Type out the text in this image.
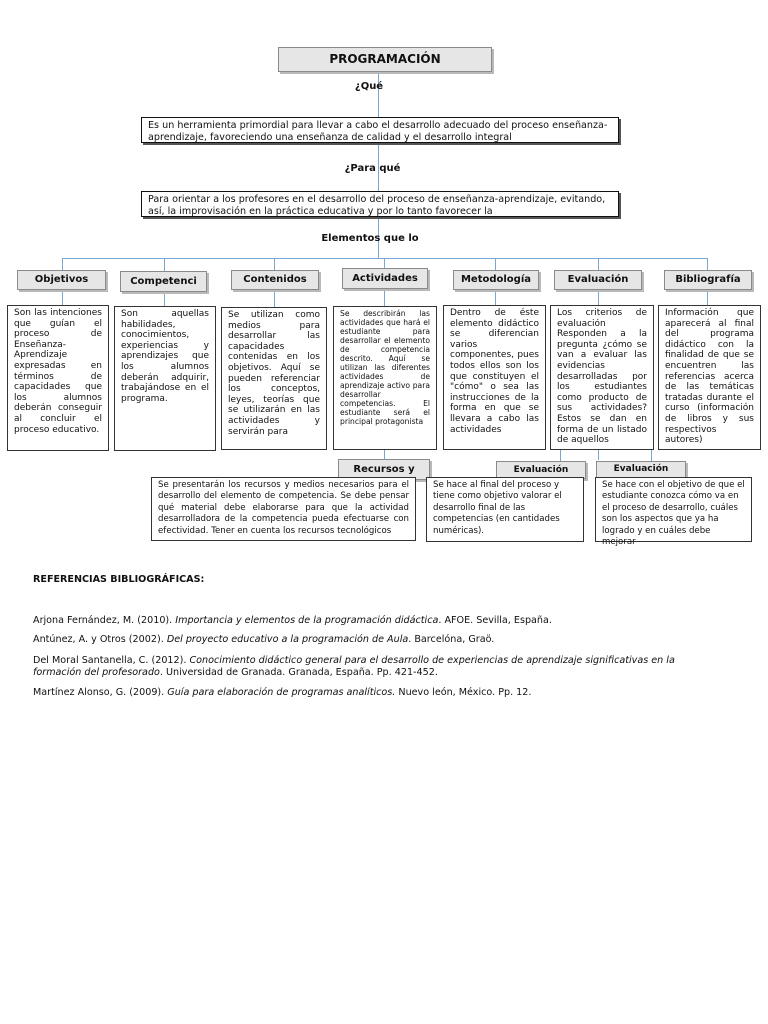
PROGRAMACIÓN
¿Qué
Es un herramienta primordial para llevar a cabo el desarrollo adecuado del proceso enseñanza-aprendizaje, favoreciendo una enseñanza de calidad y el desarrollo integral
¿Para qué
Para orientar a los profesores en el desarrollo del proceso de enseñanza-aprendizaje, evitando, así, la improvisación en la práctica educativa y por lo tanto favorecer la
Elementos que lo
Objetivos	Competenci	Contenidos	Actividades	Metodología	Evaluación	Bibliografía
Son las intenciones que guían el proceso de Enseñanza-Aprendizaje expresadas en términos de capacidades que los alumnos deberán conseguir al concluir el proceso educativo.
Son aquellas habilidades, conocimientos, experiencias y aprendizajes que los alumnos deberán adquirir, trabajándose en el programa.
Se utilizan como medios para desarrollar las capacidades contenidas en los objetivos. Aquí se pueden referenciar los conceptos, leyes, teorías que se utilizarán en las actividades y servirán para
Se describirán las actividades que hará el estudiante para desarrollar el elemento de competencia descrito. Aquí se utilizan las diferentes actividades de aprendizaje activo para desarrollar competencias. El estudiante será el principal protagonista
Dentro de éste elemento didáctico se diferencian varios componentes, pues todos ellos son los que constituyen el "cómo" o sea las instrucciones de la forma en que se llevara a cabo las actividades
Los criterios de evaluación Responden a la pregunta ¿cómo se van a evaluar las evidencias desarrolladas por los estudiantes como producto de sus actividades? Estos se dan en forma de un listado de aquellos
Información que aparecerá al final del programa didáctico con la finalidad de que se encuentren las referencias acerca de las temáticas tratadas durante el curso (información de libros y sus respectivos autores)
Recursos y	Evaluación	Evaluación
Se presentarán los recursos y medios necesarios para el desarrollo del elemento de competencia. Se debe pensar qué material debe elaborarse para que la actividad desarrolladora de la competencia pueda efectuarse con efectividad. Tener en cuenta los recursos tecnológicos
Se hace al final del proceso y tiene como objetivo valorar el desarrollo final de las competencias (en cantidades numéricas).
Se hace con el objetivo de que el estudiante conozca cómo va en el proceso de desarrollo, cuáles son los aspectos que ya ha logrado y en cuáles debe mejorar
REFERENCIAS BIBLIOGRÁFICAS:

Arjona Fernández, M. (2010). Importancia y elementos de la programación didáctica. AFOE. Sevilla, España.

Antúnez, A. y Otros (2002). Del proyecto educativo a la programación de Aula. Barcelóna, Graö.

Del Moral Santanella, C. (2012). Conocimiento didáctico general para el desarrollo de experiencias de aprendizaje significativas en la formación del profesorado. Universidad de Granada. Granada, España. Pp. 421-452.

Martínez Alonso, G. (2009). Guía para elaboración de programas analíticos. Nuevo león, México. Pp. 12.
